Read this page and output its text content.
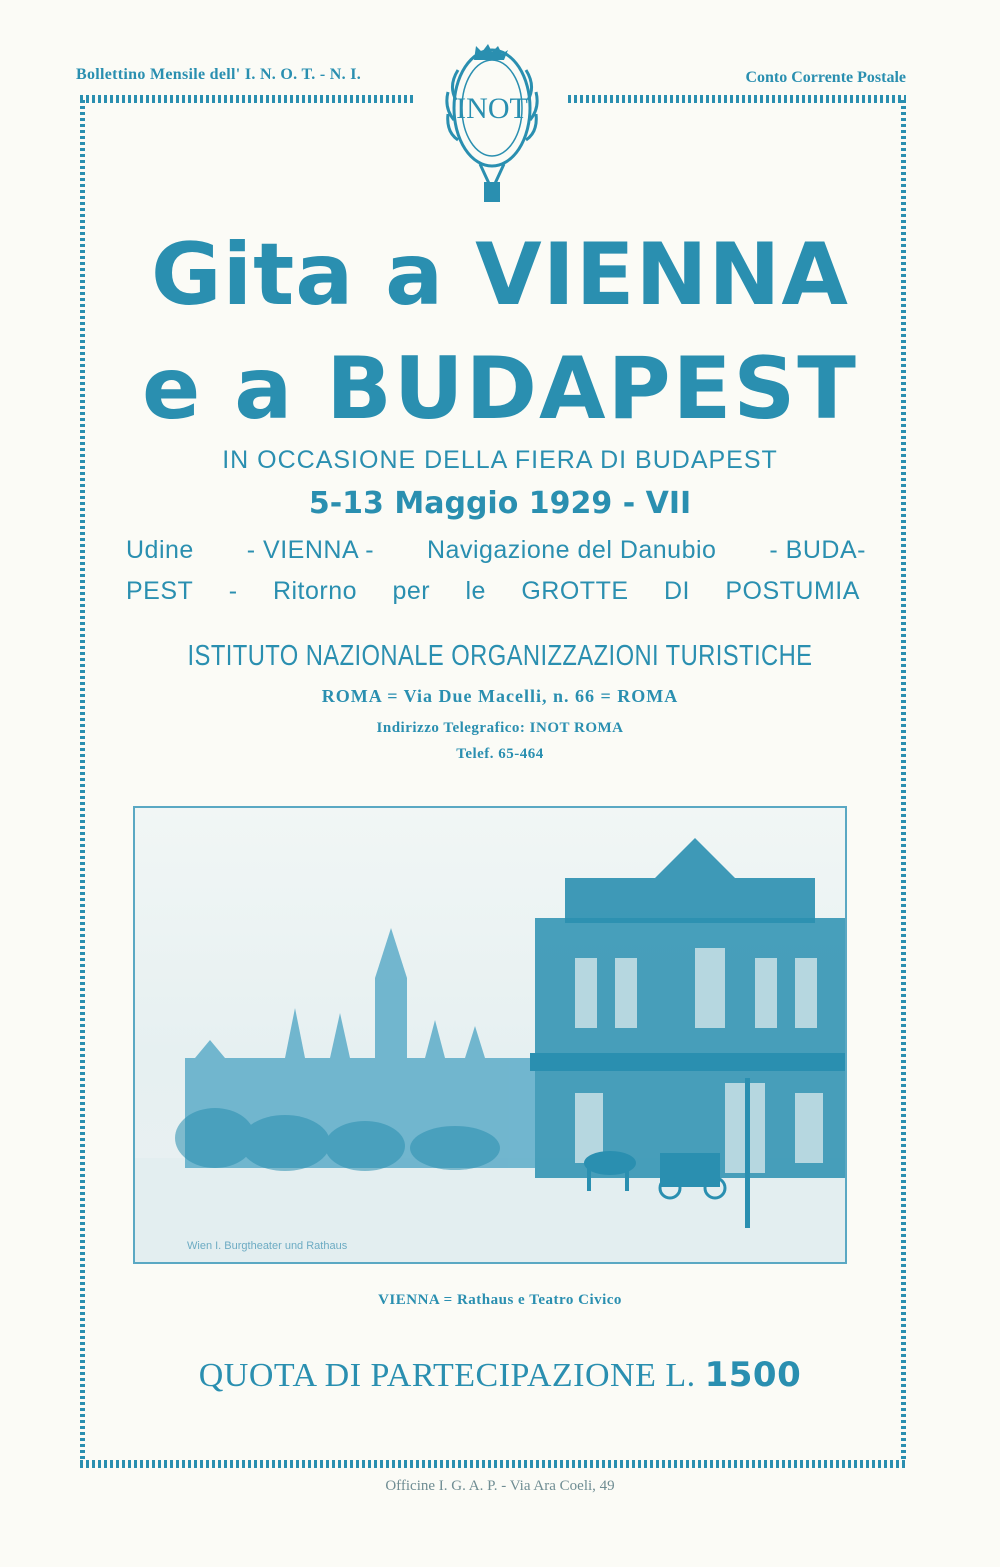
Bollettino Mensile dell' I. N. O. T. - N. I.	Conto Corrente Postale
INOT
Gita a VIENNA
e a BUDAPEST
IN OCCASIONE DELLA FIERA DI BUDAPEST
5-13 Maggio 1929 - VII
Udine - VIENNA - Navigazione del Danubio - BUDA-
PEST - Ritorno per le GROTTE DI POSTUMIA
ISTITUTO NAZIONALE ORGANIZZAZIONI TURISTICHE
ROMA = Via Due Macelli, n. 66 = ROMA
Indirizzo Telegrafico: INOT ROMA
Telef. 65-464
Wien I. Burgtheater und Rathaus
VIENNA = Rathaus e Teatro Civico
QUOTA DI PARTECIPAZIONE L. 1500
Officine I. G. A. P. - Via Ara Coeli, 49
